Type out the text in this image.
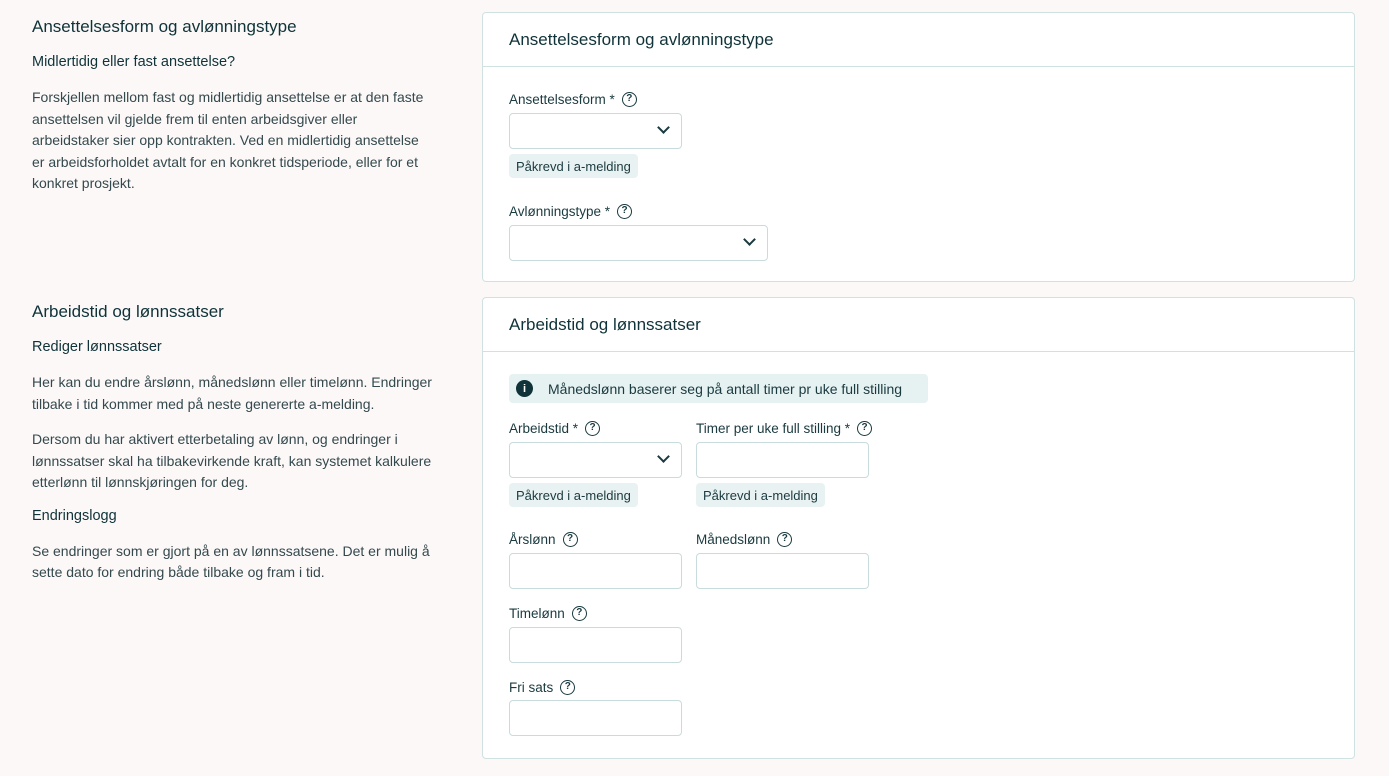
Ansettelsesform og avlønningstype
Midlertidig eller fast ansettelse?

Forskjellen mellom fast og midlertidig ansettelse er at den faste ansettelsen vil gjelde frem til enten arbeidsgiver eller arbeidstaker sier opp kontrakten. Ved en midlertidig ansettelse er arbeidsforholdet avtalt for en konkret tidsperiode, eller for et konkret prosjekt.

Ansettelsesform og avlønningstype
Ansettelsesform *	?
Påkrevd i a-melding
Avlønningstype *	?
Arbeidstid og lønnssatser
Rediger lønnssatser

Her kan du endre årslønn, månedslønn eller timelønn. Endringer tilbake i tid kommer med på neste genererte a-melding.

Dersom du har aktivert etterbetaling av lønn, og endringer i lønnssatser skal ha tilbakevirkende kraft, kan systemet kalkulere etterlønn til lønnskjøringen for deg.

Endringslogg

Se endringer som er gjort på en av lønnssatsene. Det er mulig å sette dato for endring både tilbake og fram i tid.

Arbeidstid og lønnssatser
i	Månedslønn baserer seg på antall timer pr uke full stilling
Arbeidstid *	?
Påkrevd i a-melding
Timer per uke full stilling *	?
Påkrevd i a-melding
Årslønn	?	Månedslønn	?
Timelønn	?
Fri sats	?
